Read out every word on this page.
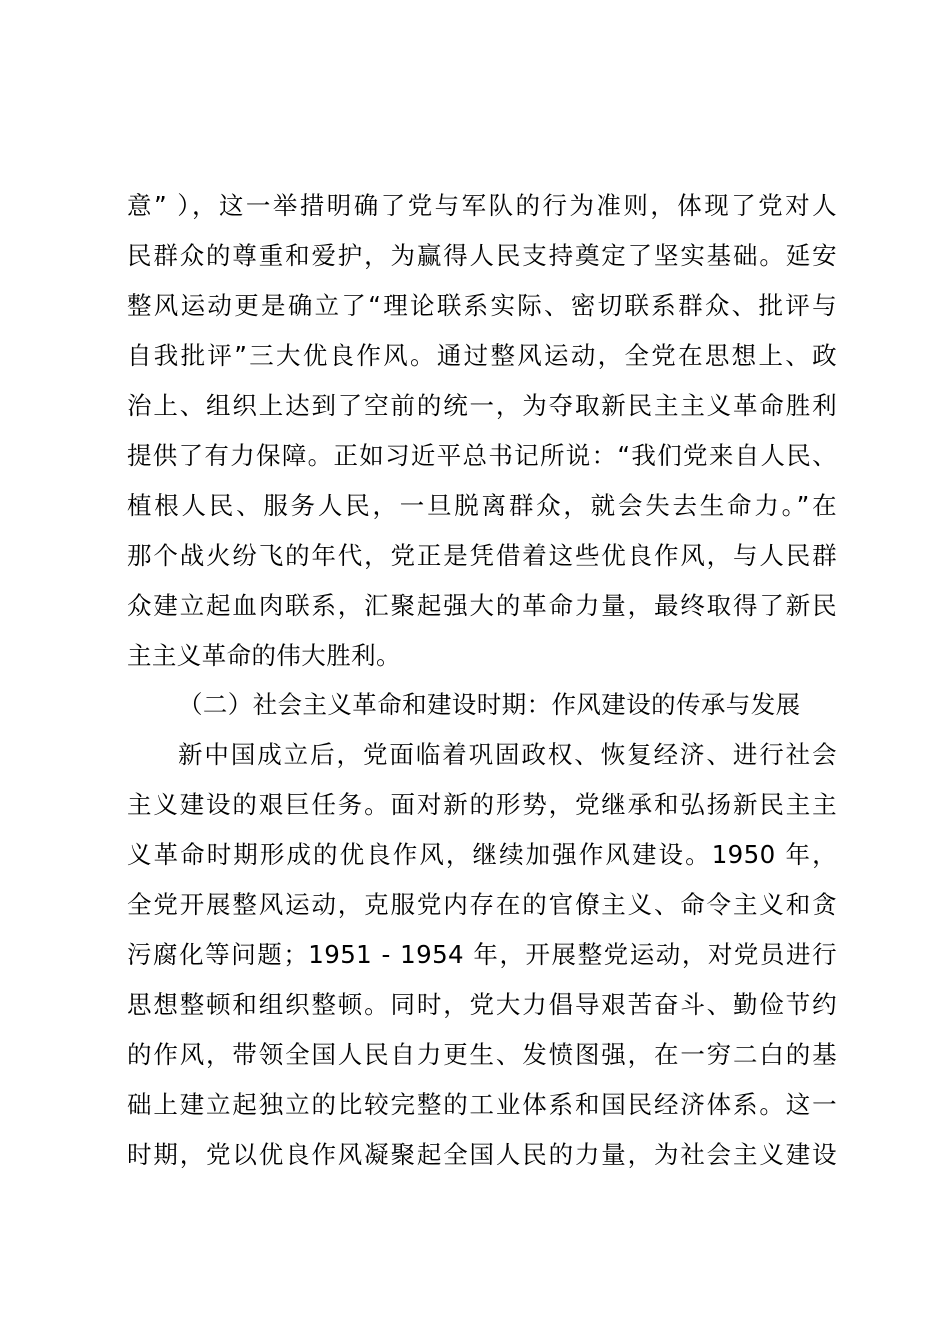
意” ），这一举措明确了党与军队的行为准则，体现了党对人
民群众的尊重和爱护，为赢得人民支持奠定了坚实基础。延安
整风运动更是确立了“理论联系实际、密切联系群众、批评与
自我批评”三大优良作风。通过整风运动，全党在思想上、政
治上、组织上达到了空前的统一，为夺取新民主主义革命胜利
提供了有力保障。正如习近平总书记所说：“我们党来自人民、
植根人民、服务人民，一旦脱离群众，就会失去生命力。”在
那个战火纷飞的年代，党正是凭借着这些优良作风，与人民群
众建立起血肉联系，汇聚起强大的革命力量，最终取得了新民
主主义革命的伟大胜利。
（二）社会主义革命和建设时期：作风建设的传承与发展
新中国成立后，党面临着巩固政权、恢复经济、进行社会
主义建设的艰巨任务。面对新的形势，党继承和弘扬新民主主
义革命时期形成的优良作风，继续加强作风建设。1950 年，
全党开展整风运动，克服党内存在的官僚主义、命令主义和贪
污腐化等问题；1951 - 1954 年，开展整党运动，对党员进行
思想整顿和组织整顿。同时，党大力倡导艰苦奋斗、勤俭节约
的作风，带领全国人民自力更生、发愤图强，在一穷二白的基
础上建立起独立的比较完整的工业体系和国民经济体系。这一
时期，党以优良作风凝聚起全国人民的力量，为社会主义建设
